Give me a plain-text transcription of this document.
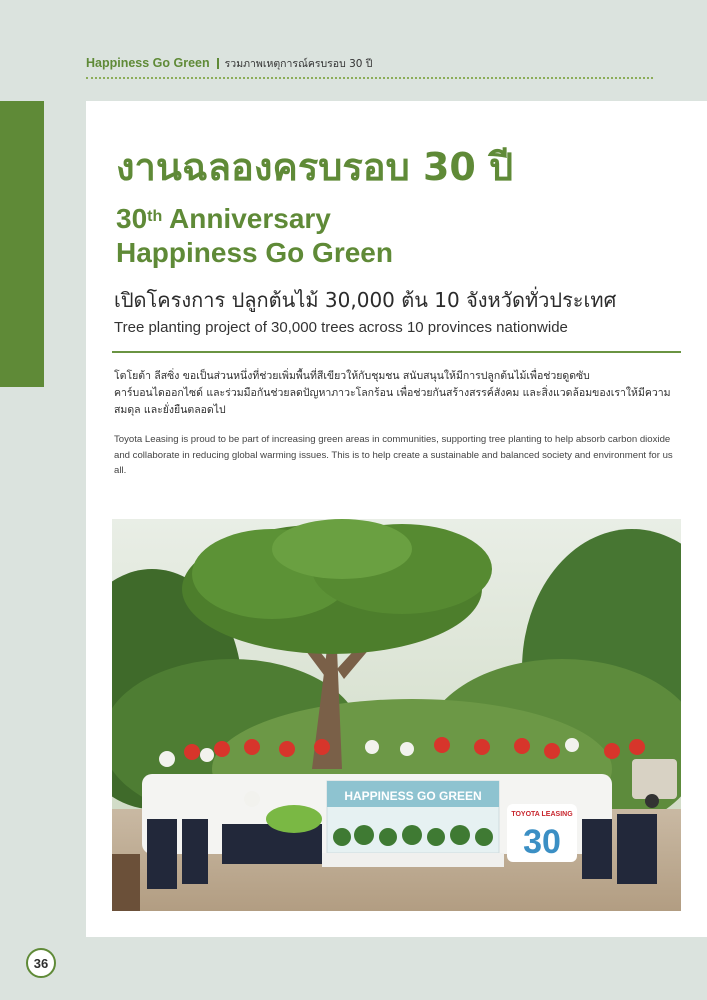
Happiness Go Green รวมภาพเหตุการณ์ครบรอบ 30 ปี
งานฉลองครบรอบ 30 ปี
30th Anniversary
Happiness Go Green
เปิดโครงการ ปลูกต้นไม้ 30,000 ต้น 10 จังหวัดทั่วประเทศ
Tree planting project of 30,000 trees across 10 provinces nationwide

โตโยต้า ลีสซิ่ง ขอเป็นส่วนหนึ่งที่ช่วยเพิ่มพื้นที่สีเขียวให้กับชุมชน สนับสนุนให้มีการปลูกต้นไม้เพื่อช่วยดูดซับคาร์บอนไดออกไซด์ และร่วมมือกันช่วยลดปัญหาภาวะโลกร้อน เพื่อช่วยกันสร้างสรรค์สังคม และสิ่งแวดล้อมของเราให้มีความสมดุล และยั่งยืนตลอดไป

Toyota Leasing is proud to be part of increasing green areas in communities, supporting tree planting to help absorb carbon dioxide and collaborate in reducing global warming issues. This is to help create a sustainable and balanced society and environment for us all.

HAPPINESS GO GREEN
TOYOTA LEASING
30
36
